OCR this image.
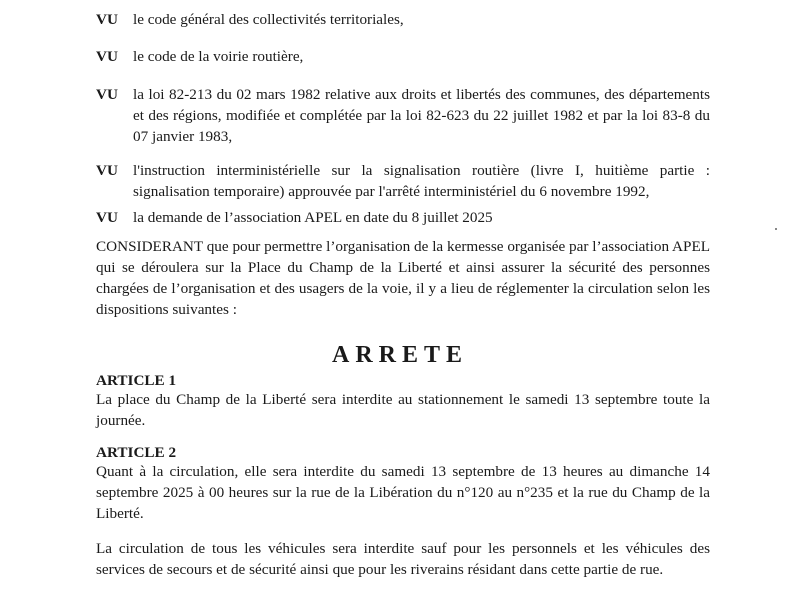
VU le code général des collectivités territoriales,
VU le code de la voirie routière,
VU la loi 82-213 du 02 mars 1982 relative aux droits et libertés des communes, des départements et des régions, modifiée et complétée par la loi 82-623 du 22 juillet 1982 et par la loi 83-8 du 07 janvier 1983,
VU l'instruction interministérielle sur la signalisation routière (livre I, huitième partie : signalisation temporaire) approuvée par l'arrêté interministériel du 6 novembre 1992,
VU la demande de l’association APEL en date du 8 juillet 2025
CONSIDERANT que pour permettre l’organisation de la kermesse organisée par l’association APEL qui se déroulera sur la Place du Champ de la Liberté et ainsi assurer la sécurité des personnes chargées de l’organisation et des usagers de la voie, il y a lieu de réglementer la circulation selon les dispositions suivantes :
ARRETE
ARTICLE 1
La place du Champ de la Liberté sera interdite au stationnement le samedi 13 septembre toute la journée.
ARTICLE 2
Quant à la circulation, elle sera interdite du samedi 13 septembre de 13 heures au dimanche 14 septembre 2025 à 00 heures sur la rue de la Libération du n°120 au n°235 et la rue du Champ de la Liberté.
La circulation de tous les véhicules sera interdite sauf pour les personnels et les véhicules des services de secours et de sécurité ainsi que pour les riverains résidant dans cette partie de rue.
